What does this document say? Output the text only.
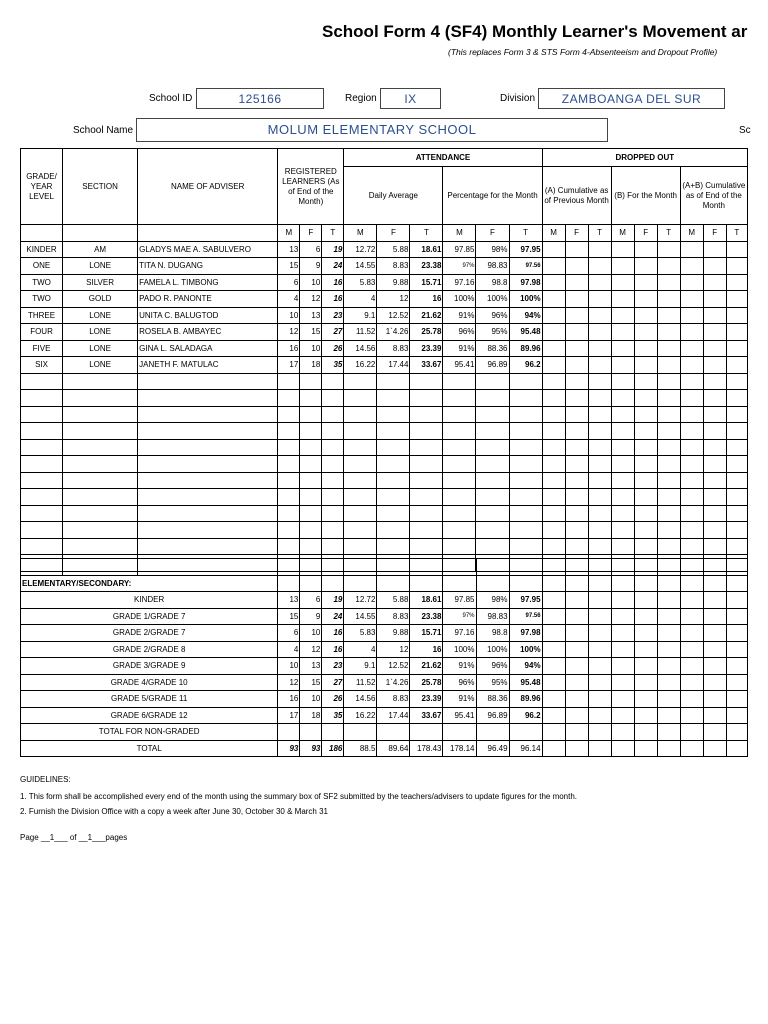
School Form 4 (SF4) Monthly Learner's Movement ar
(This replaces Form 3 & STS Form 4-Absenteeism and Dropout Profile)
School ID	125166	Region	IX	Division	ZAMBOANGA DEL SUR
School Name	MOLUM ELEMENTARY SCHOOL	Sc
GRADE/ YEAR LEVEL	SECTION	NAME OF ADVISER	REGISTERED LEARNERS (As of End of the Month)			ATTENDANCE						DROPPED OUT								
						Daily Average			Percentage for the Month			(A) Cumulative as of Previous Month			(B) For the Month			(A+B) Cumulative as of End of the Month		

			M	F	T	M	F	T	M	F	T	M	F	T	M	F	T	M	F	T
KINDER	AM	GLADYS MAE A. SABULVERO	13	6	19	12.72	5.88	18.61	97.85	98%	97.95									
ONE	LONE	TITA N. DUGANG	15	9	24	14.55	8.83	23.38	97%	98.83	97.56									
TWO	SILVER	FAMELA L. TIMBONG	6	10	16	5.83	9.88	15.71	97.16	98.8	97.98									
TWO	GOLD	PADO R. PANONTE	4	12	16	4	12	16	100%	100%	100%									
THREE	LONE	UNITA C. BALUGTOD	10	13	23	9.1	12.52	21.62	91%	96%	94%									
FOUR	LONE	ROSELA B. AMBAYEC	12	15	27	11.52	1`4.26	25.78	96%	95%	95.48									
FIVE	LONE	GINA L. SALADAGA	16	10	26	14.56	8.83	23.39	91%	88.36	89.96									
SIX	LONE	JANETH F. MATULAC	17	18	35	16.22	17.44	33.67	95.41	96.89	96.2									

ELEMENTARY/SECONDARY:																				
KINDER			13	6	19	12.72	5.88	18.61	97.85	98%	97.95									
GRADE 1/GRADE 7			15	9	24	14.55	8.83	23.38	97%	98.83	97.56									
GRADE 2/GRADE 7			6	10	16	5.83	9.88	15.71	97.16	98.8	97.98									
GRADE 2/GRADE 8			4	12	16	4	12	16	100%	100%	100%									
GRADE 3/GRADE 9			10	13	23	9.1	12.52	21.62	91%	96%	94%									
GRADE 4/GRADE 10			12	15	27	11.52	1`4.26	25.78	96%	95%	95.48									
GRADE 5/GRADE 11			16	10	26	14.56	8.83	23.39	91%	88.36	89.96									
GRADE 6/GRADE 12			17	18	35	16.22	17.44	33.67	95.41	96.89	96.2									
TOTAL FOR NON-GRADED																				
TOTAL			93	93	186	88.5	89.64	178.43	178.14	96.49	96.14									
GUIDELINES:
1. This form shall be accomplished every end of the month using the summary box of SF2 submitted by the teachers/advisers to update figures for the month.
2. Furnish the Division Office with a copy a week after June 30, October 30 & March 31
Page __1___ of __1___pages
